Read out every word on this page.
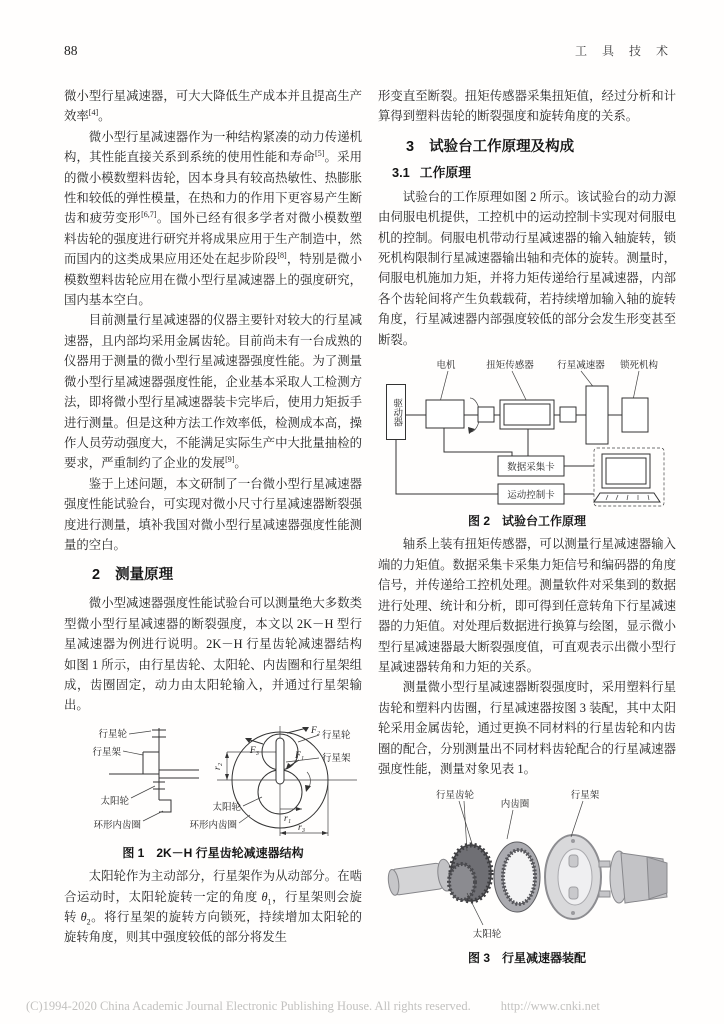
88	工 具 技 术

微小型行星减速器，可大大降低生产成本并且提高生产效率[4]。

微小型行星减速器作为一种结构紧凑的动力传递机构，其性能直接关系到系统的使用性能和寿命[5]。采用的微小模数塑料齿轮，因本身具有较高热敏性、热膨胀性和较低的弹性模量，在热和力的作用下更容易产生断齿和疲劳变形[6,7]。国外已经有很多学者对微小模数塑料齿轮的强度进行研究并将成果应用于生产制造中，然而国内的这类成果应用还处在起步阶段[8]，特别是微小模数塑料齿轮应用在微小型行星减速器上的强度研究，国内基本空白。

目前测量行星减速器的仪器主要针对较大的行星减速器，且内部均采用金属齿轮。目前尚未有一台成熟的仪器用于测量的微小型行星减速器强度性能。为了测量微小型行星减速器强度性能，企业基本采取人工检测方法，即将微小型行星减速器装卡完毕后，使用力矩扳手进行测量。但是这种方法工作效率低，检测成本高，操作人员劳动强度大，不能满足实际生产中大批量抽检的要求，严重制约了企业的发展[9]。

鉴于上述问题，本文研制了一台微小型行星减速器强度性能试验台，可实现对微小尺寸行星减速器断裂强度进行测量，填补我国对微小型行星减速器强度性能测量的空白。

2 测量原理

微小型减速器强度性能试验台可以测量绝大多数类型微小型行星减速器的断裂强度，本文以 2K－H 型行星减速器为例进行说明。2K－H 行星齿轮减速器结构如图 1 所示，由行星齿轮、太阳轮、内齿圈和行星架组成，齿圈固定，动力由太阳轮输入，并通过行星架输出。

行星轮
行星架
太阳轮
环形内齿圈
F₂
F₃	F₁
行星轮
行星架
r₂
r₁
r₃
太阳轮
环形内齿圈
图 1 2K－H 行星齿轮减速器结构

太阳轮作为主动部分，行星架作为从动部分。在啮合运动时，太阳轮旋转一定的角度 $\theta_1$，行星架则会旋转 $\theta_2$。将行星架的旋转方向锁死，持续增加太阳轮的旋转角度，则其中强度较低的部分将发生

形变直至断裂。扭矩传感器采集扭矩值，经过分析和计算得到塑料齿轮的断裂强度和旋转角度的关系。

3 试验台工作原理及构成
3.1 工作原理

试验台的工作原理如图 2 所示。该试验台的动力源由伺服电机提供，工控机中的运动控制卡实现对伺服电机的控制。伺服电机带动行星减速器的输入轴旋转，锁死机构限制行星减速器输出轴和壳体的旋转。测量时，伺服电机施加力矩，并将力矩传递给行星减速器，内部各个齿轮间将产生负载载荷，若持续增加输入轴的旋转角度，行星减速器内部强度较低的部分会发生形变甚至断裂。

电机	扭矩传感器 行星减速器 锁死机构
数据采集卡
运动控制卡
驱动器
图 2 试验台工作原理

轴系上装有扭矩传感器，可以测量行星减速器输入端的力矩值。数据采集卡采集力矩信号和编码器的角度信号，并传递给工控机处理。测量软件对采集到的数据进行处理、统计和分析，即可得到任意转角下行星减速器的力矩值。对处理后数据进行换算与绘图，显示微小型行星减速器最大断裂强度值，可直观表示出微小型行星减速器转角和力矩的关系。

测量微小型行星减速器断裂强度时，采用塑料行星齿轮和塑料内齿圈，行星减速器按图 3 装配，其中太阳轮采用金属齿轮，通过更换不同材料的行星齿轮和内齿圈的配合，分别测量出不同材料齿轮配合的行星减速器强度性能，测量对象见表 1。

行星齿轮
内齿圈
行星架
太阳轮
图 3 行星减速器装配
(C)1994-2020 China Academic Journal Electronic Publishing House. All rights reserved. http://www.cnki.net
